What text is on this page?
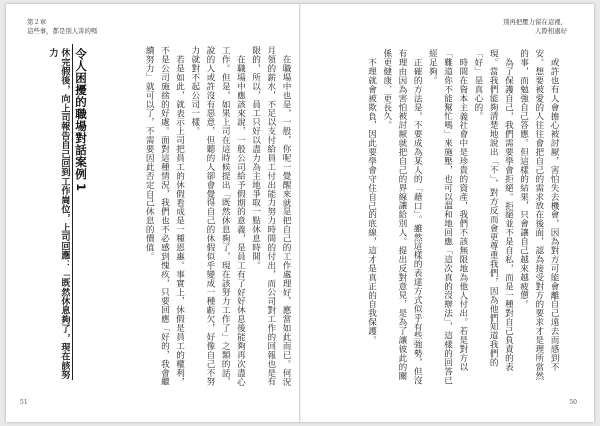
第２章
這些事，都是別人害的嗎

在職場中也是，一般，你呢一覺醒來就是把自己的工作處理好，應當如此而已。何況月領的薪水，不足以支付給員工付出能力努力時間的付出，而公司對工作的回報也是有限的，所以，員工只好以盡力為主地爭取一點休息時間。

在職場中應該來說，一般公司給予假期的意義，是員工有了好好休息後能夠再次盡心工作。但是，如果上司在這時候提出「既然休息夠了，現在該努力工作了」之類的話，說的人或許沒有惡意，但聽的人卻會覺得自己的休假似乎變成一種虧欠，好像自己不努力就對不起公司一樣。

若是如此，就表示上司把員工的休假看成是一種恩惠。事實上，休假是員工的權利，不是公司施捨的好處。面對這種情況，我們也不必感到愧疚，只要回應「好的，我會繼續努力」就可以了，不需要因此否定自己休息的價值。

令人困擾的職場對話案例1
休完假後，向上司報告自己回到工作崗位，上司回應：「既然休息夠了，現在該努力
51
別再把壓力留在這裡，
人際相處好

或許也有人會擔心被討厭，害怕失去機會，因為對方可能會離自己遠去而感到不安。想要被愛的人往往會把自己的需求放在後面，認為接受對方的要求才是理所當然的事，而勉強自己答應。但這樣的結果，只會讓自己越來越疲憊。

為了保護自己，我們需要學會拒絕。拒絕並不是自私，而是一種對自己負責的表現。當我們能夠清楚地說出「不」，對方反而會更尊重我們，因為他們知道我們的「好」是真心的。

時間在資本主義社會中是珍貴的資產，我們不該無限地為他人付出。若是對方以「難道你不能幫忙嗎」來施壓，也可以溫和地回應「這次真的沒辦法」，這樣的回答已經足夠。

正確的方法是，不要成為某人的「藉口」。雖然這樣的表達方式似乎有些強勢，但沒有理由因為害怕被討厭就把自己的界線讓給別人。提出反對意見，是為了讓彼此的關係更健康、更長久。

不理就會被欺負，因此要學會守住自己的底線，這才是真正的自我保護。

50
